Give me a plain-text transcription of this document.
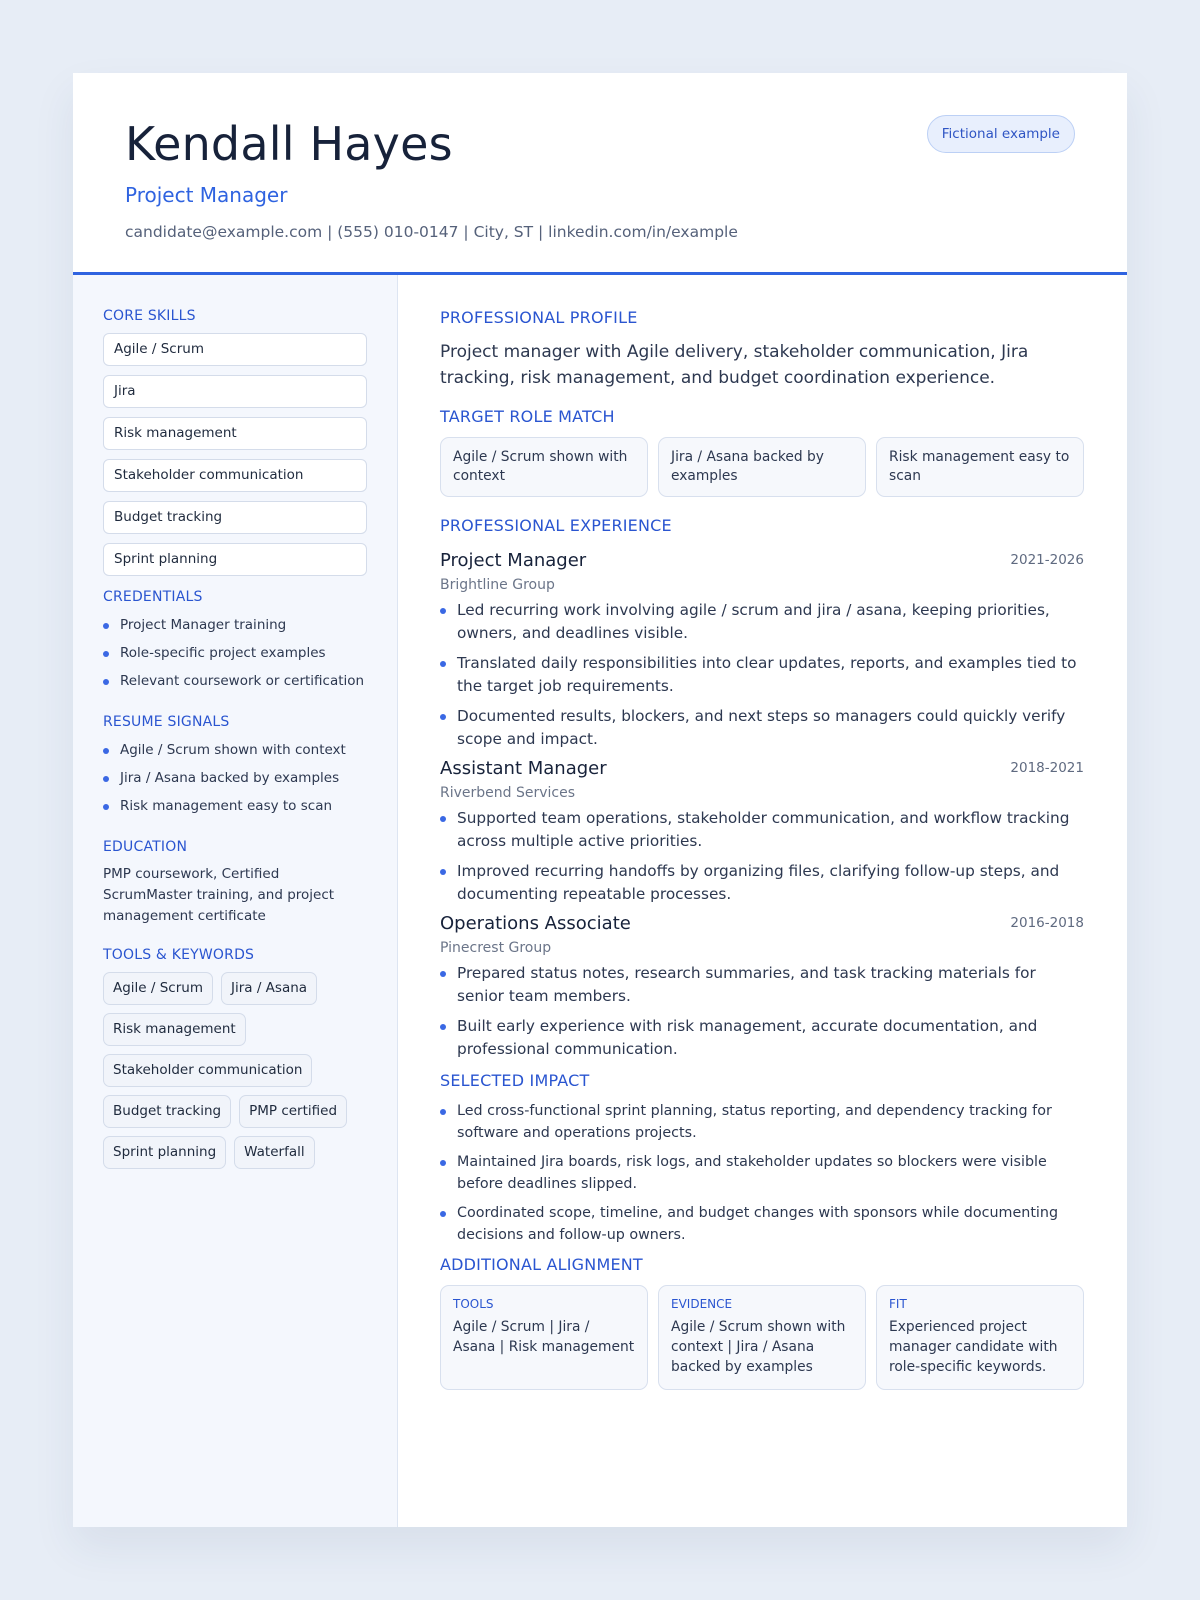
Kendall Hayes
Project Manager
candidate@example.com | (555) 010-0147 | City, ST | linkedin.com/in/example
Fictional example
CORE SKILLS
Agile / Scrum
Jira
Risk management
Stakeholder communication
Budget tracking
Sprint planning
CREDENTIALS
Project Manager training
Role-specific project examples
Relevant coursework or certification
RESUME SIGNALS
Agile / Scrum shown with context
Jira / Asana backed by examples
Risk management easy to scan
EDUCATION

PMP coursework, Certified ScrumMaster training, and project management certificate

TOOLS & KEYWORDS
Agile / Scrum	Jira / Asana
Risk management
Stakeholder communication
Budget tracking	PMP certified
Sprint planning	Waterfall
PROFESSIONAL PROFILE

Project manager with Agile delivery, stakeholder communication, Jira tracking, risk management, and budget coordination experience.

TARGET ROLE MATCH
Agile / Scrum shown with context
Jira / Asana backed by examples
Risk management easy to scan
PROFESSIONAL EXPERIENCE
Project Manager	2021-2026
Brightline Group
Led recurring work involving agile / scrum and jira / asana, keeping priorities, owners, and deadlines visible.
Translated daily responsibilities into clear updates, reports, and examples tied to the target job requirements.
Documented results, blockers, and next steps so managers could quickly verify scope and impact.
Assistant Manager	2018-2021
Riverbend Services
Supported team operations, stakeholder communication, and workflow tracking across multiple active priorities.
Improved recurring handoffs by organizing files, clarifying follow-up steps, and documenting repeatable processes.
Operations Associate	2016-2018
Pinecrest Group
Prepared status notes, research summaries, and task tracking materials for senior team members.
Built early experience with risk management, accurate documentation, and professional communication.
SELECTED IMPACT
Led cross-functional sprint planning, status reporting, and dependency tracking for software and operations projects.
Maintained Jira boards, risk logs, and stakeholder updates so blockers were visible before deadlines slipped.
Coordinated scope, timeline, and budget changes with sponsors while documenting decisions and follow-up owners.
ADDITIONAL ALIGNMENT
TOOLS
Agile / Scrum | Jira / Asana | Risk management
EVIDENCE
Agile / Scrum shown with context | Jira / Asana backed by examples
FIT
Experienced project manager candidate with role-specific keywords.
